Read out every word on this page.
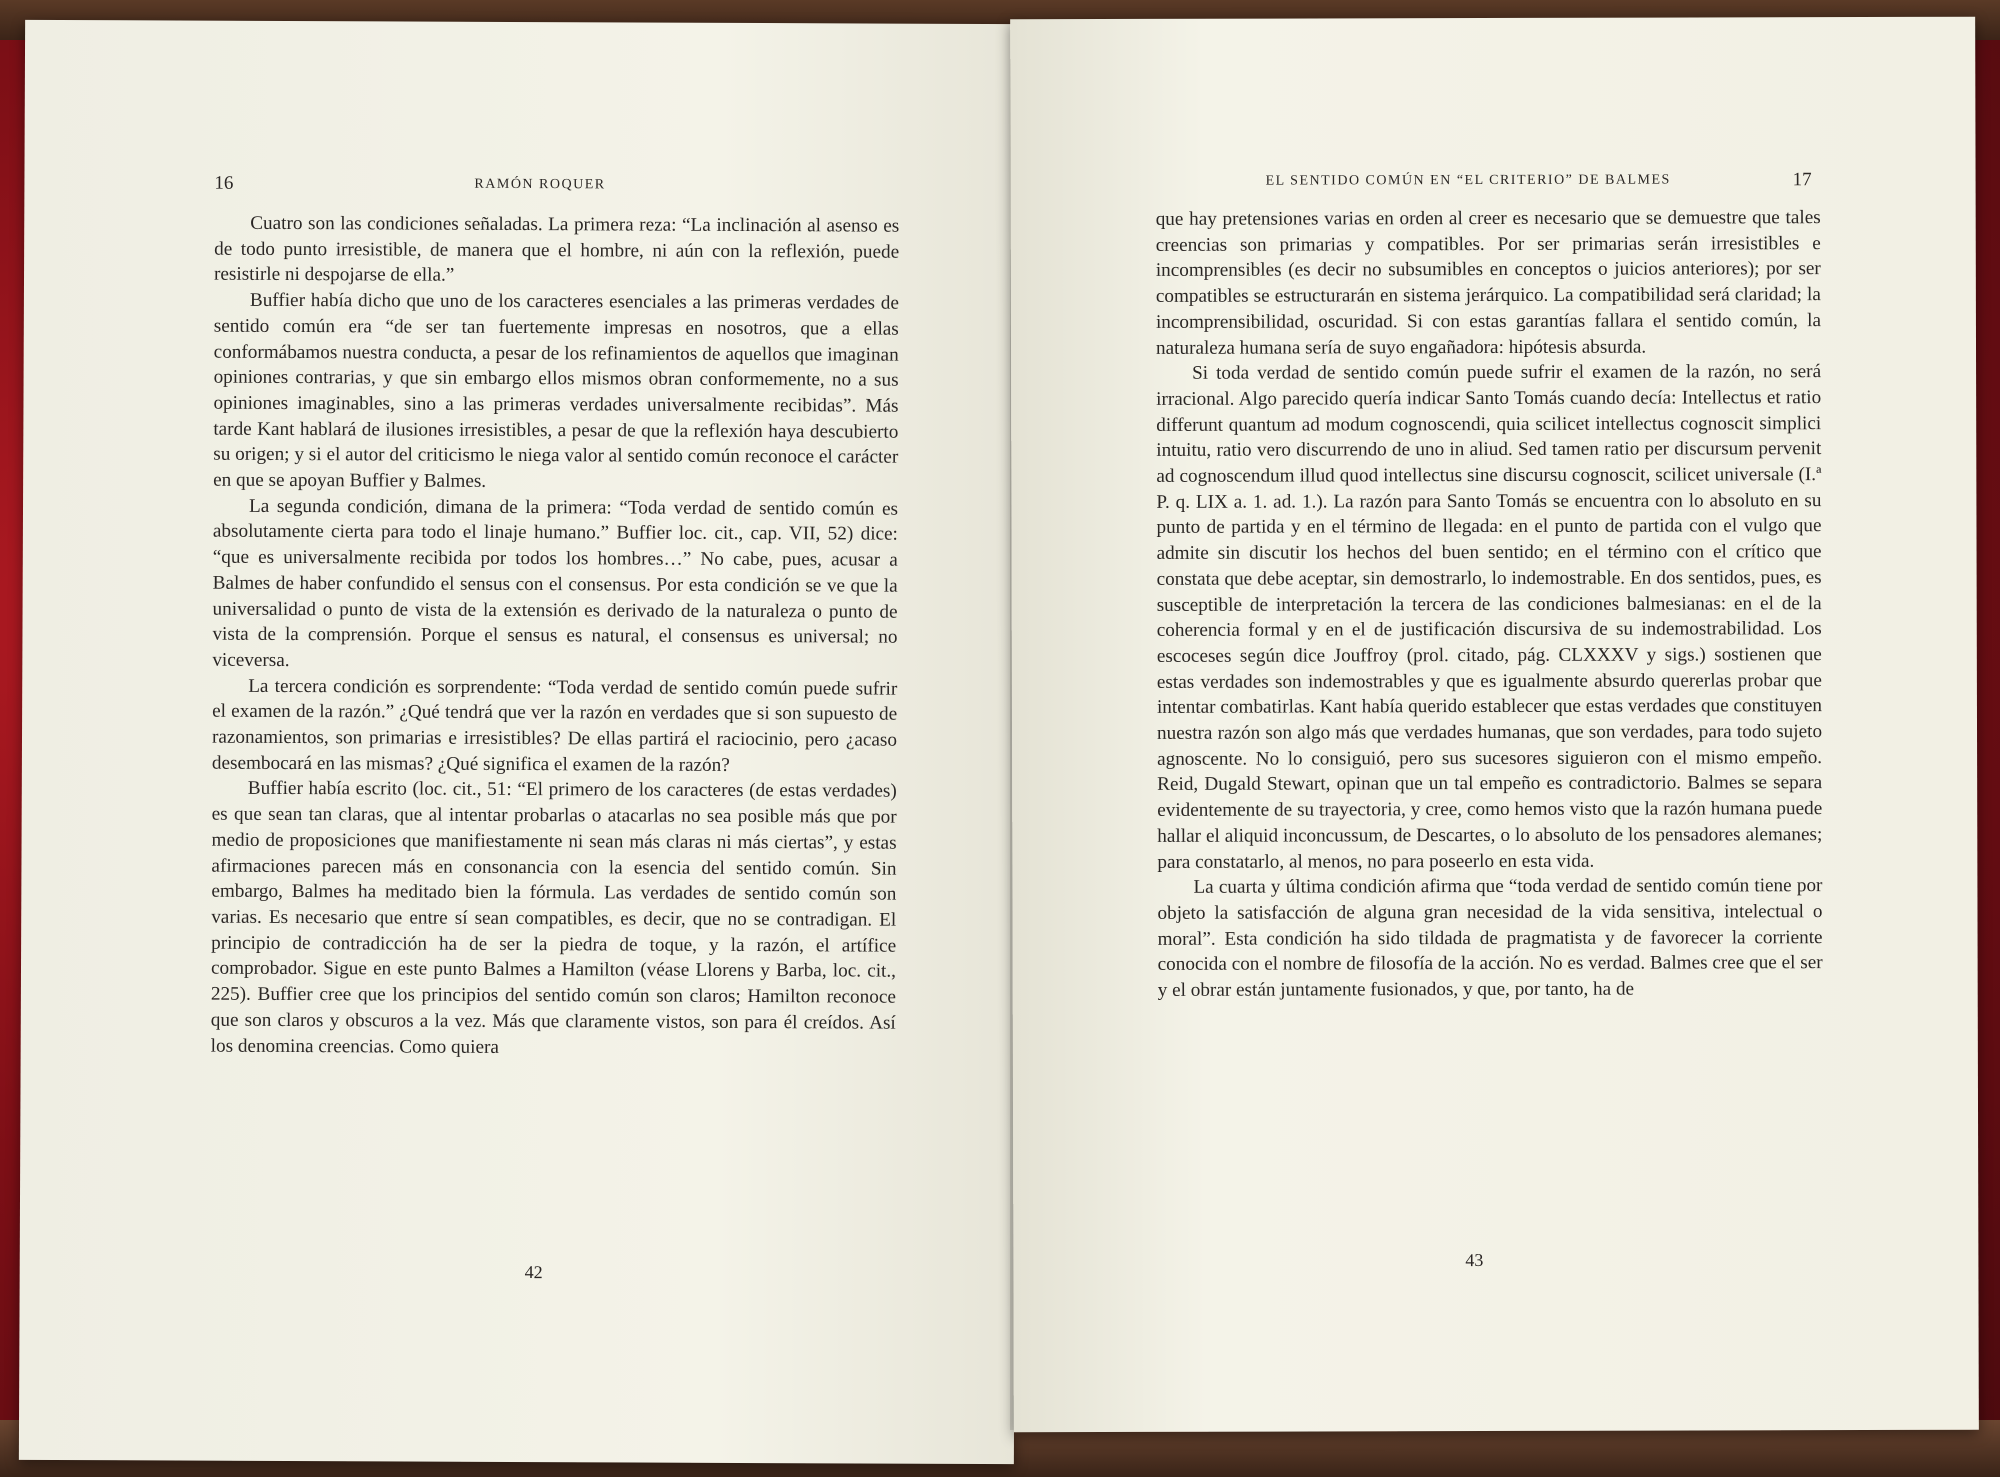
16	RAMÓN ROQUER

Cuatro son las condiciones señaladas. La primera reza: “La inclinación al asenso es de todo punto irresistible, de manera que el hombre, ni aún con la reflexión, puede resistirle ni despojarse de ella.”

Buffier había dicho que uno de los caracteres esenciales a las primeras verdades de sentido común era “de ser tan fuertemente impresas en nosotros, que a ellas conformábamos nuestra conducta, a pesar de los refinamientos de aquellos que imaginan opiniones contrarias, y que sin embargo ellos mismos obran conformemente, no a sus opiniones imaginables, sino a las primeras verdades universalmente recibidas”. Más tarde Kant hablará de ilusiones irresistibles, a pesar de que la reflexión haya descubierto su origen; y si el autor del criticismo le niega valor al sentido común reconoce el carácter en que se apoyan Buffier y Balmes.

La segunda condición, dimana de la primera: “Toda verdad de sentido común es absolutamente cierta para todo el linaje humano.” Buffier loc. cit., cap. VII, 52) dice: “que es universalmente recibida por todos los hombres…” No cabe, pues, acusar a Balmes de haber confundido el sensus con el consensus. Por esta condición se ve que la universalidad o punto de vista de la extensión es derivado de la naturaleza o punto de vista de la comprensión. Porque el sensus es natural, el consensus es universal; no viceversa.

La tercera condición es sorprendente: “Toda verdad de sentido común puede sufrir el examen de la razón.” ¿Qué tendrá que ver la razón en verdades que si son supuesto de razonamientos, son primarias e irresistibles? De ellas partirá el raciocinio, pero ¿acaso desembocará en las mismas? ¿Qué significa el examen de la razón?

Buffier había escrito (loc. cit., 51: “El primero de los caracteres (de estas verdades) es que sean tan claras, que al intentar probarlas o atacarlas no sea posible más que por medio de proposiciones que manifiestamente ni sean más claras ni más ciertas”, y estas afirmaciones parecen más en consonancia con la esencia del sentido común. Sin embargo, Balmes ha meditado bien la fórmula. Las verdades de sentido común son varias. Es necesario que entre sí sean compatibles, es decir, que no se contradigan. El principio de contradicción ha de ser la piedra de toque, y la razón, el artífice comprobador. Sigue en este punto Balmes a Hamilton (véase Llorens y Barba, loc. cit., 225). Buffier cree que los principios del sentido común son claros; Hamilton reconoce que son claros y obscuros a la vez. Más que claramente vistos, son para él creídos. Así los denomina creencias. Como quiera

42
EL SENTIDO COMÚN EN “EL CRITERIO” DE BALMES	17

que hay pretensiones varias en orden al creer es necesario que se demuestre que tales creencias son primarias y compatibles. Por ser primarias serán irresistibles e incomprensibles (es decir no subsumibles en conceptos o juicios anteriores); por ser compatibles se estructurarán en sistema jerárquico. La compatibilidad será claridad; la incomprensibilidad, oscuridad. Si con estas garantías fallara el sentido común, la naturaleza humana sería de suyo engañadora: hipótesis absurda.

Si toda verdad de sentido común puede sufrir el examen de la razón, no será irracional. Algo parecido quería indicar Santo Tomás cuando decía: Intellectus et ratio differunt quantum ad modum cognoscendi, quia scilicet intellectus cognoscit simplici intuitu, ratio vero discurrendo de uno in aliud. Sed tamen ratio per discursum pervenit ad cognoscendum illud quod intellectus sine discursu cognoscit, scilicet universale (I.ª P. q. LIX a. 1. ad. 1.). La razón para Santo Tomás se encuentra con lo absoluto en su punto de partida y en el término de llegada: en el punto de partida con el vulgo que admite sin discutir los hechos del buen sentido; en el término con el crítico que constata que debe aceptar, sin demostrarlo, lo indemostrable. En dos sentidos, pues, es susceptible de interpretación la tercera de las condiciones balmesianas: en el de la coherencia formal y en el de justificación discursiva de su indemostrabilidad. Los escoceses según dice Jouffroy (prol. citado, pág. CLXXXV y sigs.) sostienen que estas verdades son indemostrables y que es igualmente absurdo quererlas probar que intentar combatirlas. Kant había querido establecer que estas verdades que constituyen nuestra razón son algo más que verdades humanas, que son verdades, para todo sujeto agnoscente. No lo consiguió, pero sus sucesores siguieron con el mismo empeño. Reid, Dugald Stewart, opinan que un tal empeño es contradictorio. Balmes se separa evidentemente de su trayectoria, y cree, como hemos visto que la razón humana puede hallar el aliquid inconcussum, de Descartes, o lo absoluto de los pensadores alemanes; para constatarlo, al menos, no para poseerlo en esta vida.

La cuarta y última condición afirma que “toda verdad de sentido común tiene por objeto la satisfacción de alguna gran necesidad de la vida sensitiva, intelectual o moral”. Esta condición ha sido tildada de pragmatista y de favorecer la corriente conocida con el nombre de filosofía de la acción. No es verdad. Balmes cree que el ser y el obrar están juntamente fusionados, y que, por tanto, ha de

43
